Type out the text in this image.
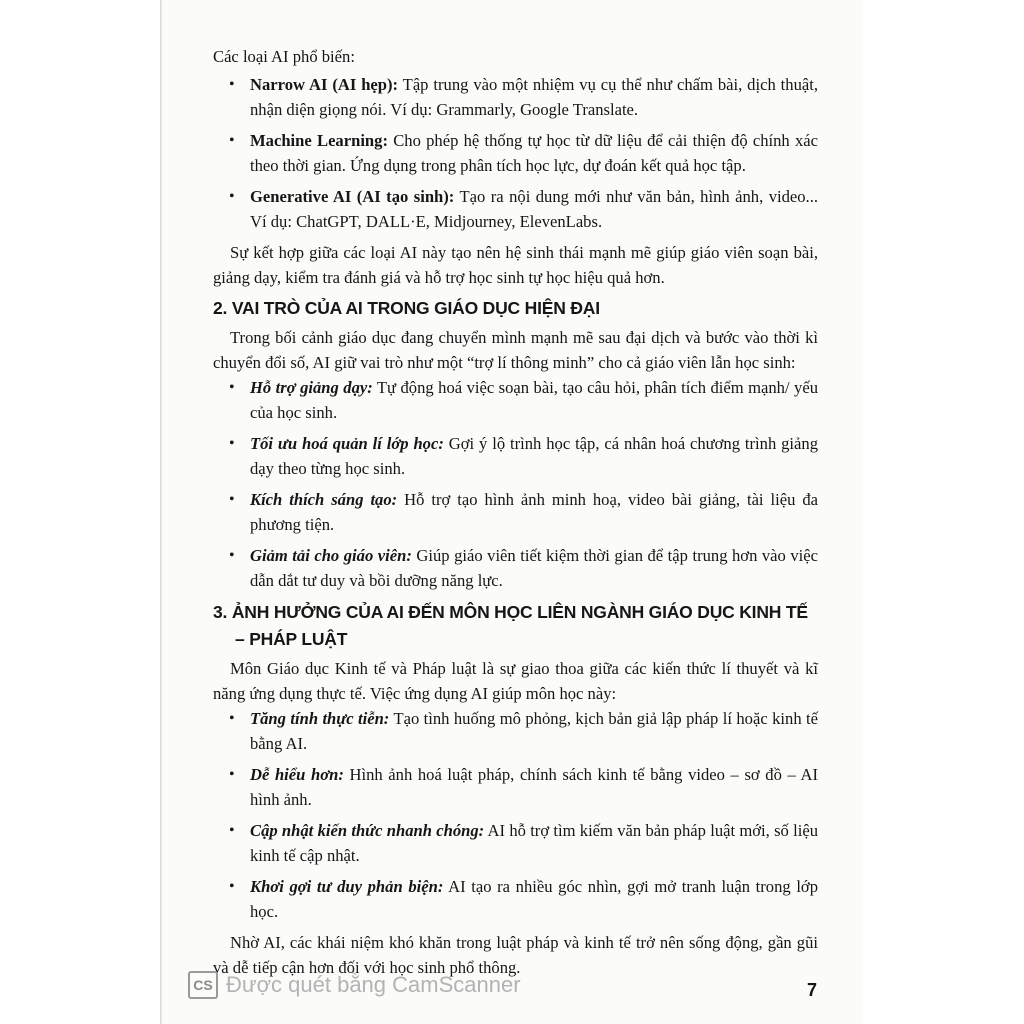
Các loại AI phổ biến:

• Narrow AI (AI hẹp): Tập trung vào một nhiệm vụ cụ thể như chấm bài, dịch thuật, nhận diện giọng nói. Ví dụ: Grammarly, Google Translate.
• Machine Learning: Cho phép hệ thống tự học từ dữ liệu để cải thiện độ chính xác theo thời gian. Ứng dụng trong phân tích học lực, dự đoán kết quả học tập.
• Generative AI (AI tạo sinh): Tạo ra nội dung mới như văn bản, hình ảnh, video... Ví dụ: ChatGPT, DALL·E, Midjourney, ElevenLabs.

Sự kết hợp giữa các loại AI này tạo nên hệ sinh thái mạnh mẽ giúp giáo viên soạn bài, giảng dạy, kiểm tra đánh giá và hỗ trợ học sinh tự học hiệu quả hơn.

2. VAI TRÒ CỦA AI TRONG GIÁO DỤC HIỆN ĐẠI

Trong bối cảnh giáo dục đang chuyển mình mạnh mẽ sau đại dịch và bước vào thời kì chuyển đổi số, AI giữ vai trò như một “trợ lí thông minh” cho cả giáo viên lẫn học sinh:

• Hỗ trợ giảng dạy: Tự động hoá việc soạn bài, tạo câu hỏi, phân tích điểm mạnh/ yếu của học sinh.
• Tối ưu hoá quản lí lớp học: Gợi ý lộ trình học tập, cá nhân hoá chương trình giảng dạy theo từng học sinh.
• Kích thích sáng tạo: Hỗ trợ tạo hình ảnh minh hoạ, video bài giảng, tài liệu đa phương tiện.
• Giảm tải cho giáo viên: Giúp giáo viên tiết kiệm thời gian để tập trung hơn vào việc dẫn dắt tư duy và bồi dưỡng năng lực.
3. ẢNH HƯỞNG CỦA AI ĐẾN MÔN HỌC LIÊN NGÀNH GIÁO DỤC KINH TẾ
– PHÁP LUẬT

Môn Giáo dục Kinh tế và Pháp luật là sự giao thoa giữa các kiến thức lí thuyết và kĩ năng ứng dụng thực tế. Việc ứng dụng AI giúp môn học này:

• Tăng tính thực tiễn: Tạo tình huống mô phỏng, kịch bản giả lập pháp lí hoặc kinh tế bằng AI.
• Dễ hiểu hơn: Hình ảnh hoá luật pháp, chính sách kinh tế bằng video – sơ đồ – AI hình ảnh.
• Cập nhật kiến thức nhanh chóng: AI hỗ trợ tìm kiếm văn bản pháp luật mới, số liệu kinh tế cập nhật.
• Khơi gợi tư duy phản biện: AI tạo ra nhiều góc nhìn, gợi mở tranh luận trong lớp học.

Nhờ AI, các khái niệm khó khăn trong luật pháp và kinh tế trở nên sống động, gần gũi và dễ tiếp cận hơn đối với học sinh phổ thông.

CS Được quét bằng CamScanner	7
